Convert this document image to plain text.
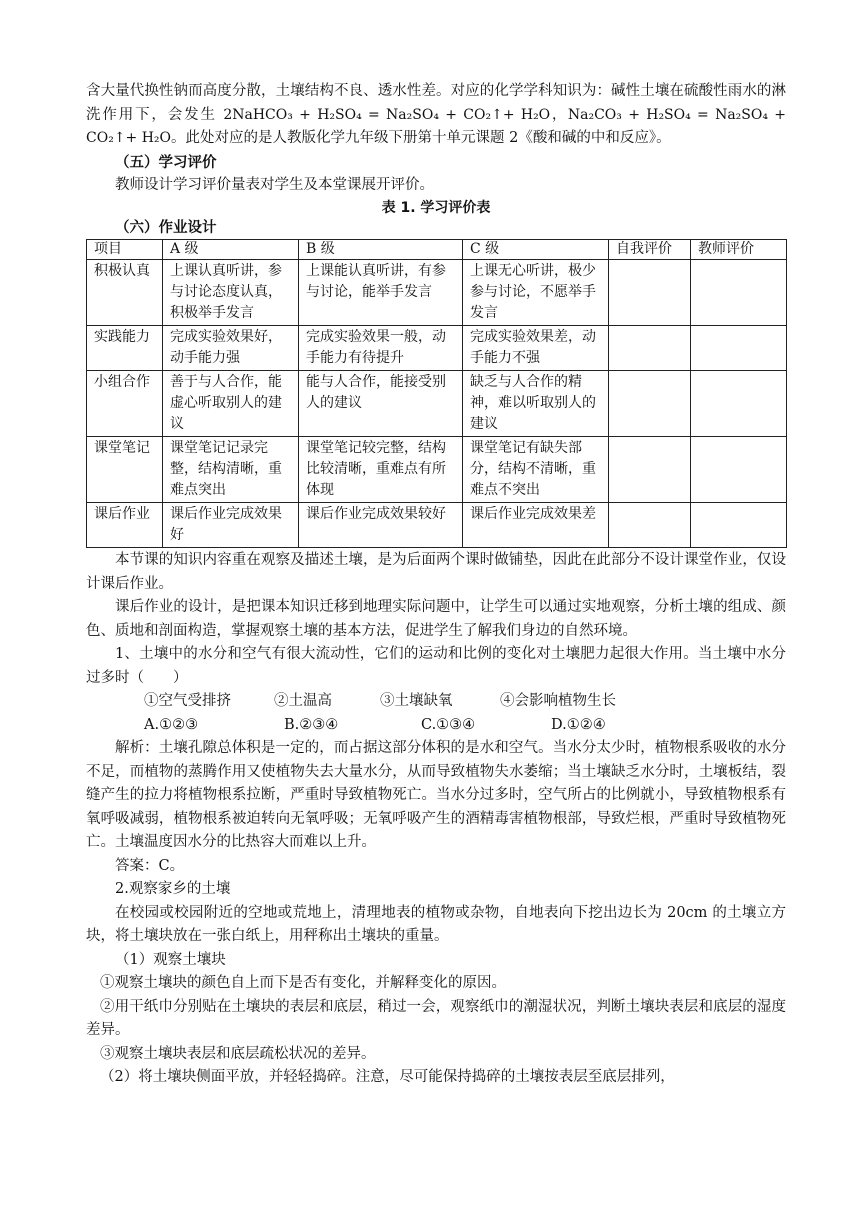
含大量代换性钠而高度分散，土壤结构不良、透水性差。对应的化学学科知识为：碱性土壤在硫酸性雨水的淋洗作用下，会发生 2NaHCO₃ + H₂SO₄ = Na₂SO₄ + CO₂↑+ H₂O，Na₂CO₃ + H₂SO₄ = Na₂SO₄ + CO₂↑+ H₂O。此处对应的是人教版化学九年级下册第十单元课题 2《酸和碱的中和反应》。

（五）学习评价

教师设计学习评价量表对学生及本堂课展开评价。

表 1. 学习评价表

（六）作业设计

项目	A 级	B 级	C 级	自我评价	教师评价
积极认真	上课认真听讲，参与讨论态度认真，积极举手发言	上课能认真听讲，有参与讨论，能举手发言	上课无心听讲，极少参与讨论，不愿举手发言		
实践能力	完成实验效果好，动手能力强	完成实验效果一般，动手能力有待提升	完成实验效果差，动手能力不强		
小组合作	善于与人合作，能虚心听取别人的建议	能与人合作，能接受别人的建议	缺乏与人合作的精神，难以听取别人的建议		
课堂笔记	课堂笔记记录完整，结构清晰，重难点突出	课堂笔记较完整，结构比较清晰，重难点有所体现	课堂笔记有缺失部分，结构不清晰，重难点不突出		
课后作业	课后作业完成效果好	课后作业完成效果较好	课后作业完成效果差		

本节课的知识内容重在观察及描述土壤，是为后面两个课时做铺垫，因此在此部分不设计课堂作业，仅设计课后作业。

课后作业的设计，是把课本知识迁移到地理实际问题中，让学生可以通过实地观察，分析土壤的组成、颜色、质地和剖面构造，掌握观察土壤的基本方法，促进学生了解我们身边的自然环境。

1、土壤中的水分和空气有很大流动性，它们的运动和比例的变化对土壤肥力起很大作用。当土壤中水分过多时（　　）

①空气受排挤	②土温高	③土壤缺氧	④会影响植物生长

A.①②③	B.②③④	C.①③④	D.①②④

解析：土壤孔隙总体积是一定的，而占据这部分体积的是水和空气。当水分太少时，植物根系吸收的水分不足，而植物的蒸腾作用又使植物失去大量水分，从而导致植物失水萎缩；当土壤缺乏水分时，土壤板结，裂缝产生的拉力将植物根系拉断，严重时导致植物死亡。当水分过多时，空气所占的比例就小，导致植物根系有氧呼吸减弱，植物根系被迫转向无氧呼吸；无氧呼吸产生的酒精毒害植物根部，导致烂根，严重时导致植物死亡。土壤温度因水分的比热容大而难以上升。

答案：C。

2.观察家乡的土壤

在校园或校园附近的空地或荒地上，清理地表的植物或杂物，自地表向下挖出边长为 20cm 的土壤立方块，将土壤块放在一张白纸上，用秤称出土壤块的重量。

（1）观察土壤块

①观察土壤块的颜色自上而下是否有变化，并解释变化的原因。

②用干纸巾分别贴在土壤块的表层和底层，稍过一会，观察纸巾的潮湿状况，判断土壤块表层和底层的湿度差异。

③观察土壤块表层和底层疏松状况的差异。

（2）将土壤块侧面平放，并轻轻捣碎。注意，尽可能保持捣碎的土壤按表层至底层排列，
